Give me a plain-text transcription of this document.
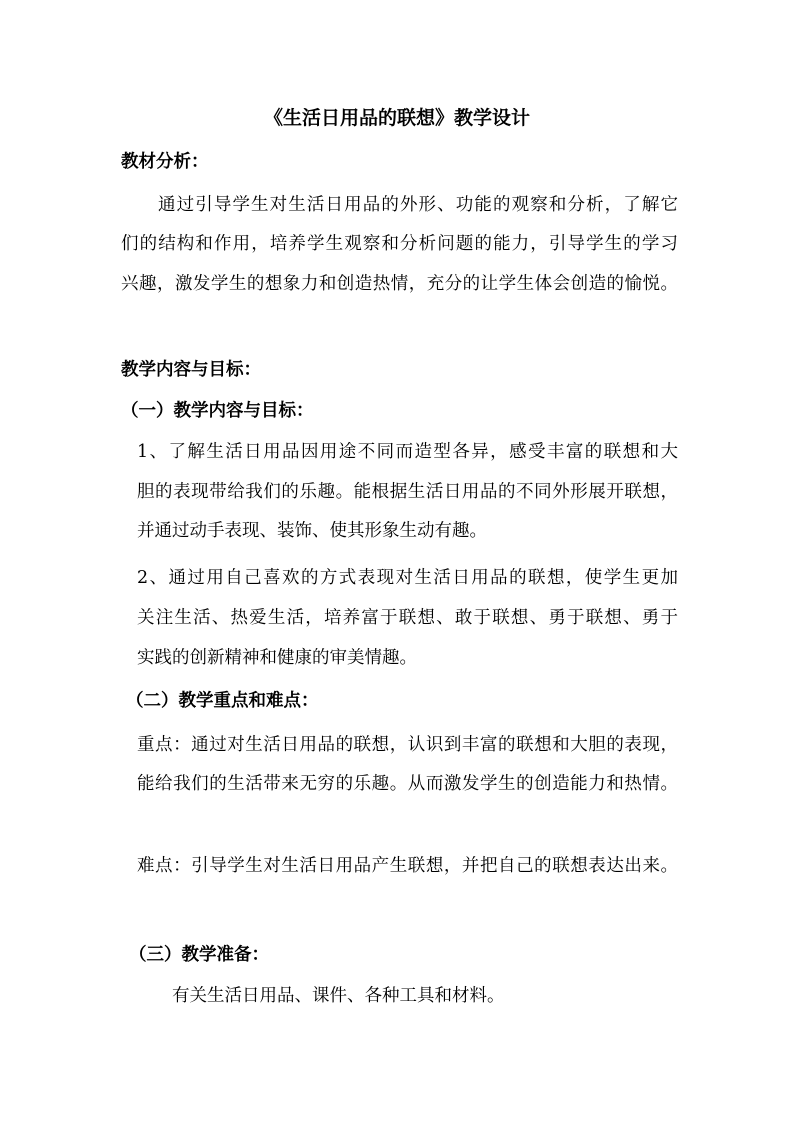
《生活日用品的联想》教学设计
教材分析：
通过引导学生对生活日用品的外形、功能的观察和分析，了解它
们的结构和作用，培养学生观察和分析问题的能力，引导学生的学习
兴趣，激发学生的想象力和创造热情，充分的让学生体会创造的愉悦。
教学内容与目标：
（一）教学内容与目标：
1、了解生活日用品因用途不同而造型各异，感受丰富的联想和大
胆的表现带给我们的乐趣。能根据生活日用品的不同外形展开联想，
并通过动手表现、装饰、使其形象生动有趣。
2、通过用自己喜欢的方式表现对生活日用品的联想，使学生更加
关注生活、热爱生活，培养富于联想、敢于联想、勇于联想、勇于
实践的创新精神和健康的审美情趣。
（二）教学重点和难点：
重点：通过对生活日用品的联想，认识到丰富的联想和大胆的表现，
能给我们的生活带来无穷的乐趣。从而激发学生的创造能力和热情。
难点：引导学生对生活日用品产生联想，并把自己的联想表达出来。
（三）教学准备：
有关生活日用品、课件、各种工具和材料。
